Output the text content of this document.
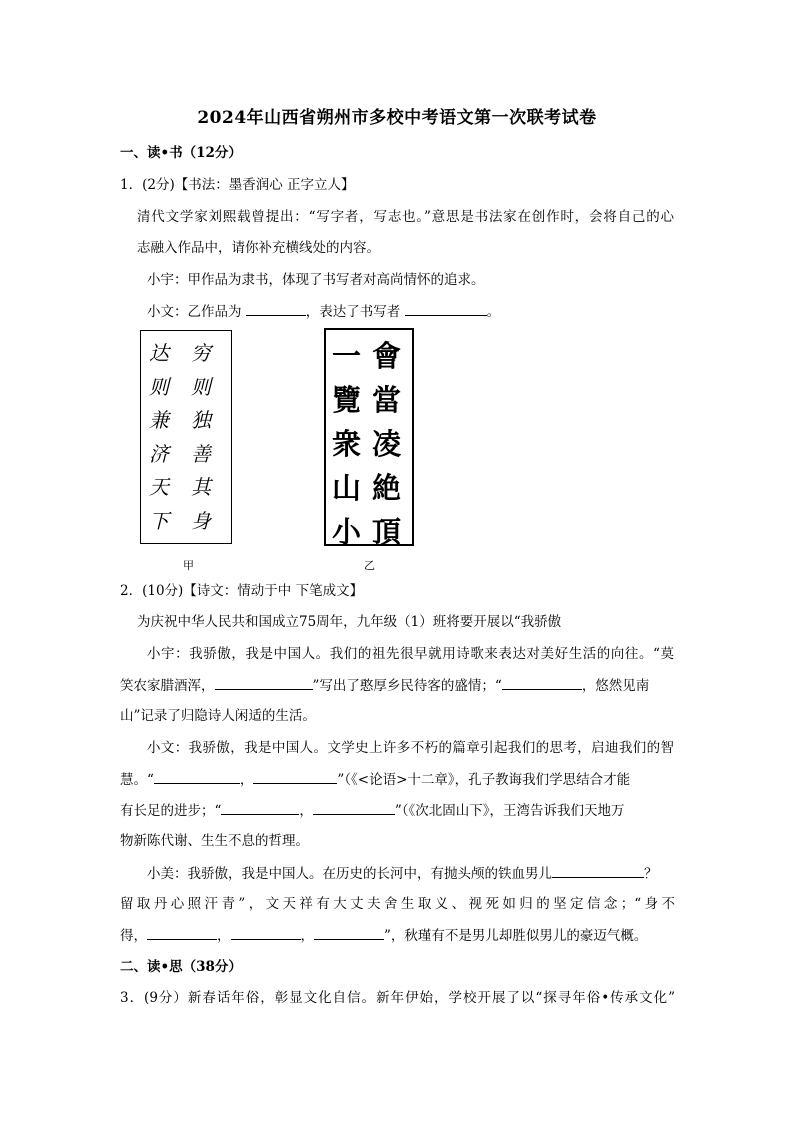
2024年山西省朔州市多校中考语文第一次联考试卷
一、读•书（12分）
1．(2分)【书法：墨香润心 正字立人】
清代文学家刘熙载曾提出：“写字者，写志也。”意思是书法家在创作时，会将自己的心
志融入作品中，请你补充横线处的内容。
小宇：甲作品为隶书，体现了书写者对高尚情怀的追求。
小文：乙作品为	，表达了书写者	。
穷
则
独
善
其
身
达
则
兼
济
天
下
甲
會
當
凌
絶
頂
一
覽
衆
山
小
乙
2．(10分)【诗文：情动于中 下笔成文】
为庆祝中华人民共和国成立75周年，九年级（1）班将要开展以“我骄傲
小宇：我骄傲，我是中国人。我们的祖先很早就用诗歌来表达对美好生活的向往。“莫
笑农家腊酒浑，	”写出了憨厚乡民待客的盛情；“	，悠然见南
山”记录了归隐诗人闲适的生活。
小文：我骄傲，我是中国人。文学史上许多不朽的篇章引起我们的思考，启迪我们的智
慧。“	，	”（《<论语>十二章》，孔子教诲我们学思结合才能
有长足的进步；“	，	”（《次北固山下》，王湾告诉我们天地万
物新陈代谢、生生不息的哲理。
小美：我骄傲，我是中国人。在历史的长河中，有抛头颅的铁血男儿	？
留取丹心照汗青”，文天祥有大丈夫舍生取义、视死如归的坚定信念；“身不
得，	，	，	”，秋瑾有不是男儿却胜似男儿的豪迈气概。
二、读•思（38分）
3．(9分）新春话年俗，彰显文化自信。新年伊始，学校开展了以“探寻年俗•传承文化”
